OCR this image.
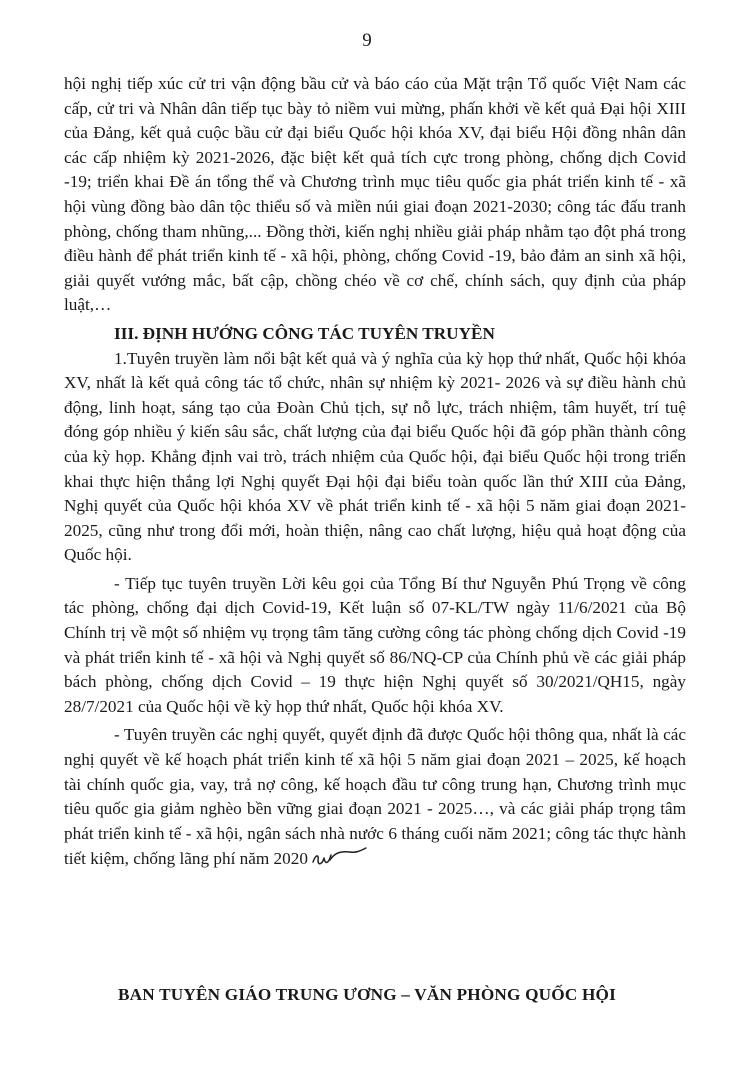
9

hội nghị tiếp xúc cử tri vận động bầu cử và báo cáo của Mặt trận Tổ quốc Việt Nam các cấp, cử tri và Nhân dân tiếp tục bày tỏ niềm vui mừng, phấn khởi về kết quả Đại hội XIII của Đảng, kết quả cuộc bầu cử đại biểu Quốc hội khóa XV, đại biểu Hội đồng nhân dân các cấp nhiệm kỳ 2021-2026, đặc biệt kết quả tích cực trong phòng, chống dịch Covid -19; triển khai Đề án tổng thể và Chương trình mục tiêu quốc gia phát triển kinh tế - xã hội vùng đồng bào dân tộc thiểu số và miền núi giai đoạn 2021-2030; công tác đấu tranh phòng, chống tham nhũng,... Đồng thời, kiến nghị nhiều giải pháp nhằm tạo đột phá trong điều hành để phát triển kinh tế - xã hội, phòng, chống Covid -19, bảo đảm an sinh xã hội, giải quyết vướng mắc, bất cập, chồng chéo về cơ chế, chính sách, quy định của pháp luật,…

III. ĐỊNH HƯỚNG CÔNG TÁC TUYÊN TRUYỀN

1.Tuyên truyền làm nổi bật kết quả và ý nghĩa của kỳ họp thứ nhất, Quốc hội khóa XV, nhất là kết quả công tác tổ chức, nhân sự nhiệm kỳ 2021- 2026 và sự điều hành chủ động, linh hoạt, sáng tạo của Đoàn Chủ tịch, sự nỗ lực, trách nhiệm, tâm huyết, trí tuệ đóng góp nhiều ý kiến sâu sắc, chất lượng của đại biểu Quốc hội đã góp phần thành công của kỳ họp. Khẳng định vai trò, trách nhiệm của Quốc hội, đại biểu Quốc hội trong triển khai thực hiện thắng lợi Nghị quyết Đại hội đại biểu toàn quốc lần thứ XIII của Đảng, Nghị quyết của Quốc hội khóa XV về phát triển kinh tế - xã hội 5 năm giai đoạn 2021-2025, cũng như trong đổi mới, hoàn thiện, nâng cao chất lượng, hiệu quả hoạt động của Quốc hội.

- Tiếp tục tuyên truyền Lời kêu gọi của Tổng Bí thư Nguyễn Phú Trọng về công tác phòng, chống đại dịch Covid-19, Kết luận số 07-KL/TW ngày 11/6/2021 của Bộ Chính trị về một số nhiệm vụ trọng tâm tăng cường công tác phòng chống dịch Covid -19 và phát triển kinh tế - xã hội và Nghị quyết số 86/NQ-CP của Chính phủ về các giải pháp bách phòng, chống dịch Covid – 19 thực hiện Nghị quyết số 30/2021/QH15, ngày 28/7/2021 của Quốc hội về kỳ họp thứ nhất, Quốc hội khóa XV.

- Tuyên truyền các nghị quyết, quyết định đã được Quốc hội thông qua, nhất là các nghị quyết về kế hoạch phát triển kinh tế xã hội 5 năm giai đoạn 2021 – 2025, kế hoạch tài chính quốc gia, vay, trả nợ công, kế hoạch đầu tư công trung hạn, Chương trình mục tiêu quốc gia giảm nghèo bền vững giai đoạn 2021 - 2025…, và các giải pháp trọng tâm phát triển kinh tế - xã hội, ngân sách nhà nước 6 tháng cuối năm 2021; công tác thực hành tiết kiệm, chống lãng phí năm 2020

BAN TUYÊN GIÁO TRUNG ƯƠNG – VĂN PHÒNG QUỐC HỘI
